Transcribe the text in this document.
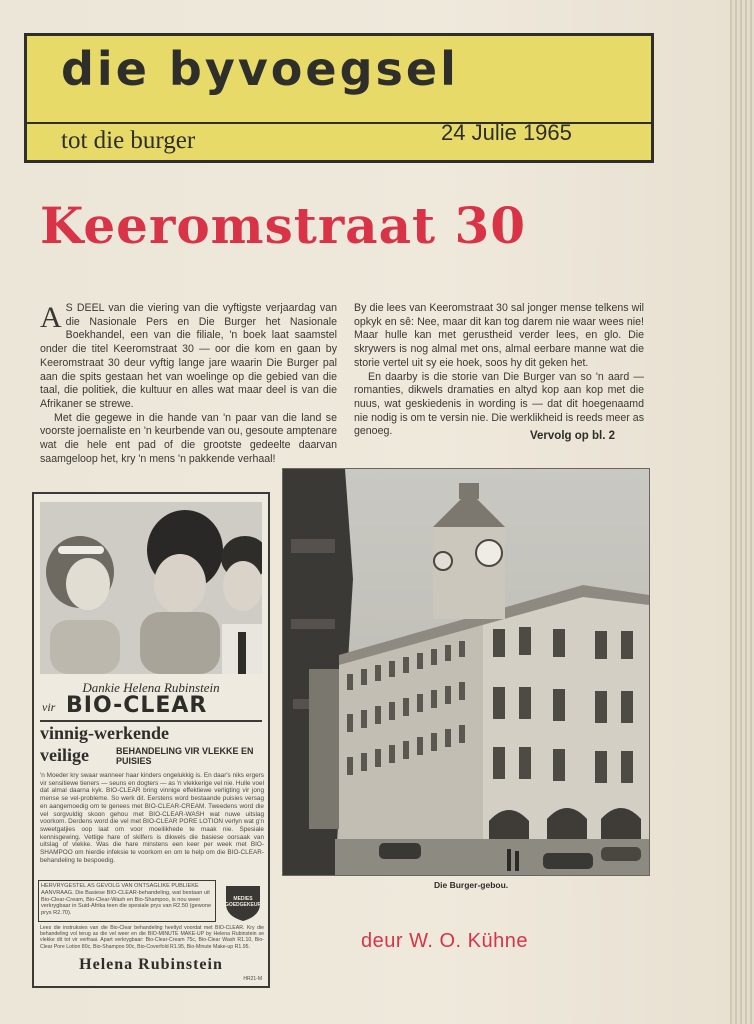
die byvoegsel
tot die burger	24 Julie 1965
Keeromstraat 30

A S DEEL van die viering van die vyftigste verjaardag van die Nasionale Pers en Die Burger het Nasionale Boekhandel, een van die filiale, 'n boek laat saamstel onder die titel Keeromstraat 30 — oor die kom en gaan by Keeromstraat 30 deur vyftig lange jare waarin Die Burger pal aan die spits gestaan het van woelinge op die gebied van die taal, die politiek, die kultuur en alles wat maar deel is van die Afrikaner se strewe.

Met die gegewe in die hande van 'n paar van die land se voorste joernaliste en 'n keurbende van ou, gesoute amptenare wat die hele ent pad of die grootste gedeelte daarvan saamgeloop het, kry 'n mens 'n pakkende verhaal!

By die lees van Keeromstraat 30 sal jonger mense telkens wil opkyk en sê: Nee, maar dit kan tog darem nie waar wees nie! Maar hulle kan met gerustheid verder lees, en glo. Die skrywers is nog almal met ons, almal eerbare manne wat die storie vertel uit sy eie hoek, soos hy dit geken het.

En daarby is die storie van Die Burger van so 'n aard — romanties, dikwels dramaties en altyd kop aan kop met die nuus, wat geskiedenis in wording is — dat dit hoegenaamd nie nodig is om te versin nie. Die werklikheid is reeds meer as genoeg.	Vervolg op bl. 2
Dankie Helena Rubinstein
vir BIO-CLEAR
vinnig-werkende
veilige	BEHANDELING VIR VLEKKE EN PUISIES
'n Moeder kry swaar wanneer haar kinders ongelukkig is. En daar's niks ergers vir sensitiewe tieners — seuns en dogters — as 'n vlekkerige vel nie. Hulle voel dat almal daarna kyk. BIO-CLEAR bring vinnige effektiewe verligting vir jong mense se vel-probleme. So werk dit. Eerstens word bestaande puisies versag en aangemoedig om te genees met BIO-CLEAR-CREAM. Tweedens word die vel sorgvuldig skoon gehou met BIO-CLEAR-WASH wat nuwe uitslag voorkom. Derdens word die vel met BIO-CLEAR PORE LOTION verlyn wat g'n sweetgatjies oop laat om voor moeilikhede te maak nie. Spesiale kennisgewing. Vettige hare of skilfers is dikwels die basiese oorsaak van uitslag of vlekke. Was die hare minstens een keer per week met BIO-SHAMPOO om hierdie infeksie te voorkom en om te help om die BIO-CLEAR-behandeling te bespoedig.
HERVRYGESTEL AS GEVOLG VAN ONTSAGLIKE PUBLIEKE AANVRAAG. Die Basiese BIO-CLEAR-behandeling, wat bestaan uit Bio-Clear-Cream, Bio-Clear-Wash en Bio-Shampoo, is nou weer verkrygbaar in Suid-Afrika teen die spesiale prys van R2.50 (gewone prys R2.70).
MEDIES GOEDGEKEUR
Lees die instruksies van die Bio-Clear behandeling heeltyd voordat met BIO-CLEAR. Kry die behandeling vol terug as die vel weer en die BIO-MINUTE MAKE-UP by Helena Rubinstein se vlekke dit tot vir verfraai. Apart verkrygbaar: Bio-Clear-Cream 75c, Bio-Clear Wash R1.10, Bio-Clear Pore Lotion 80c, Bio-Shampoo 90c, Bio-Coverfold R1.95, Bio-Minute Make-up R1.95.
Helena Rubinstein
HR21-M
Die Burger-gebou.
deur W. O. Kühne
